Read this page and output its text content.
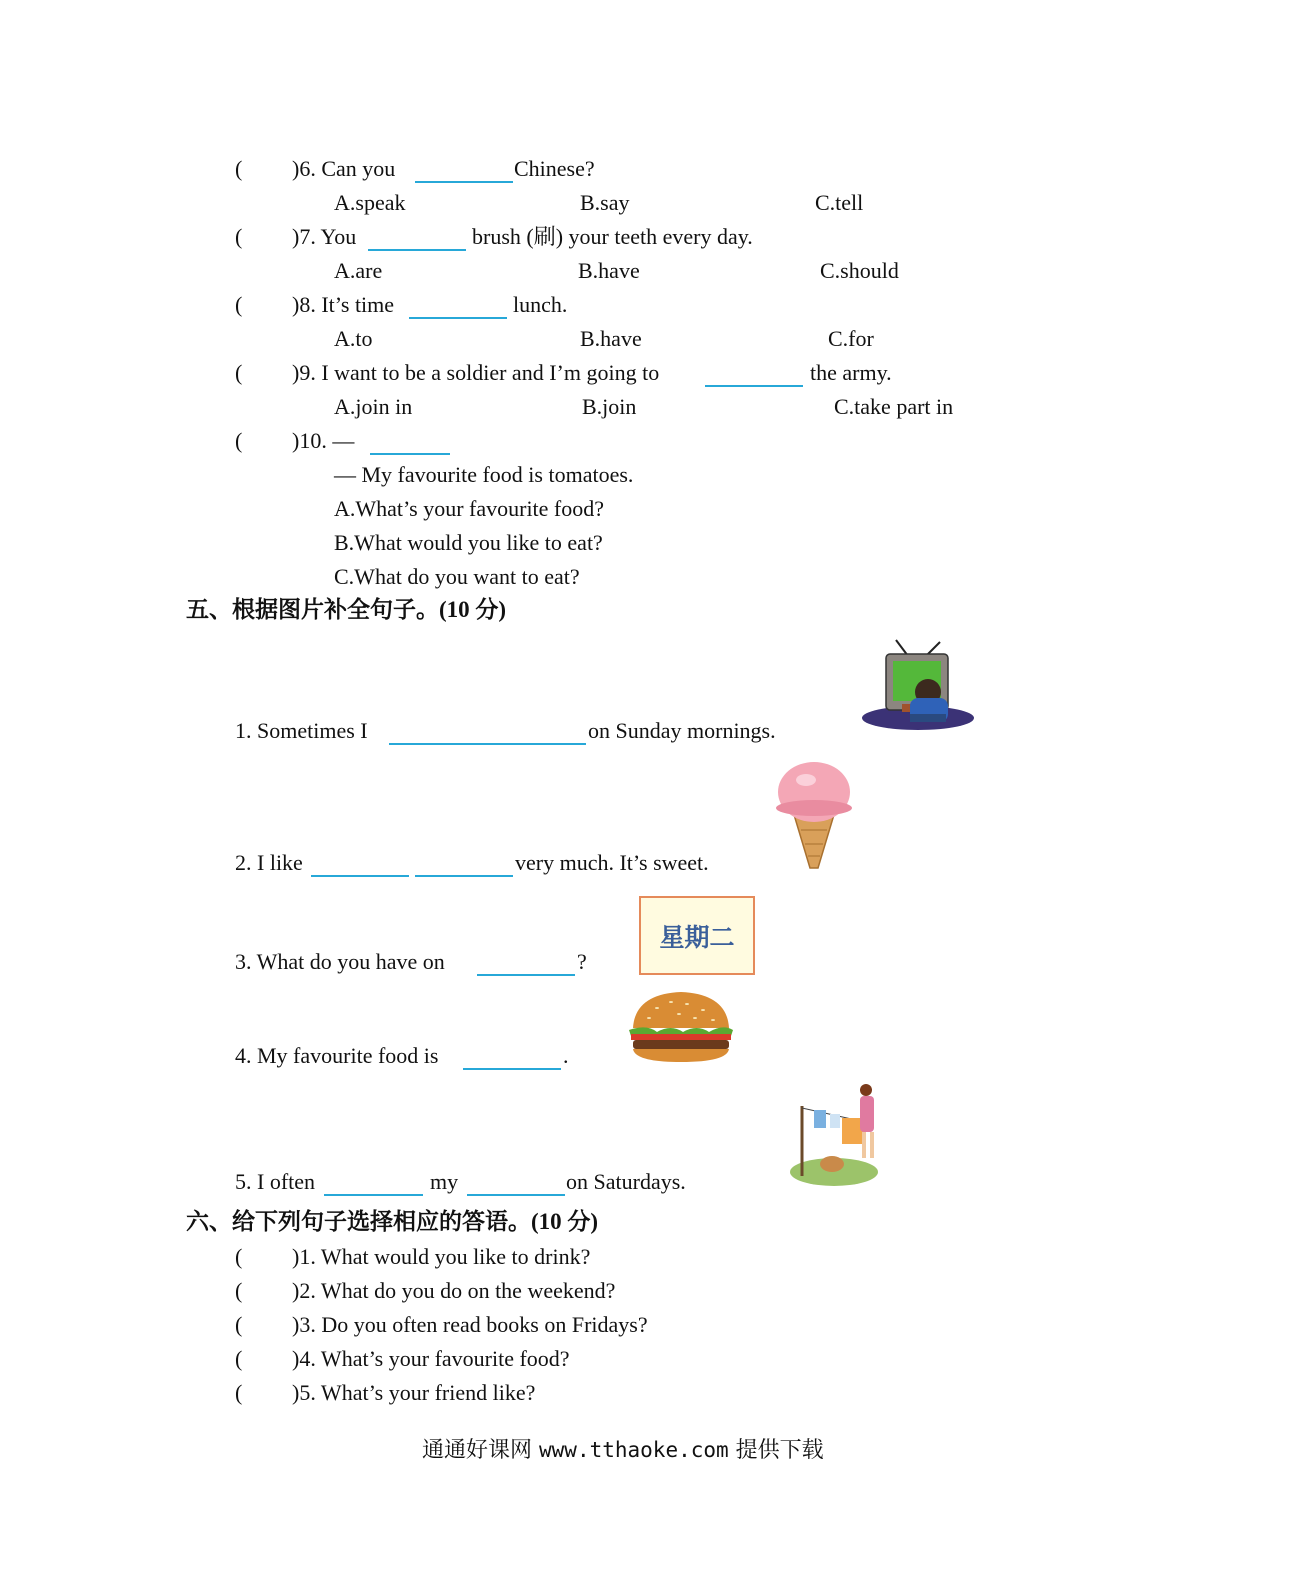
( )6. Can you	Chinese?
A.speak	B.say	C.tell
( )7. You	brush (刷) your teeth every day.
A.are	B.have	C.should
( )8. It’s time	lunch.
A.to	B.have	C.for
( )9. I want to be a soldier and I’m going to	the army.
A.join in	B.join	C.take part in
( )10. —
— My favourite food is tomatoes.
A.What’s your favourite food?
B.What would you like to eat?
C.What do you want to eat?
五、根据图片补全句子。(10 分)
1. Sometimes I	on Sunday mornings.
2. I like	very much. It’s sweet.
星期二
3. What do you have on	?
4. My favourite food is	.
5. I often	my	on Saturdays.
六、给下列句子选择相应的答语。(10 分)
( )1. What would you like to drink?
( )2. What do you do on the weekend?
( )3. Do you often read books on Fridays?
( )4. What’s your favourite food?
( )5. What’s your friend like?
通通好课网 www.tthaoke.com 提供下载
